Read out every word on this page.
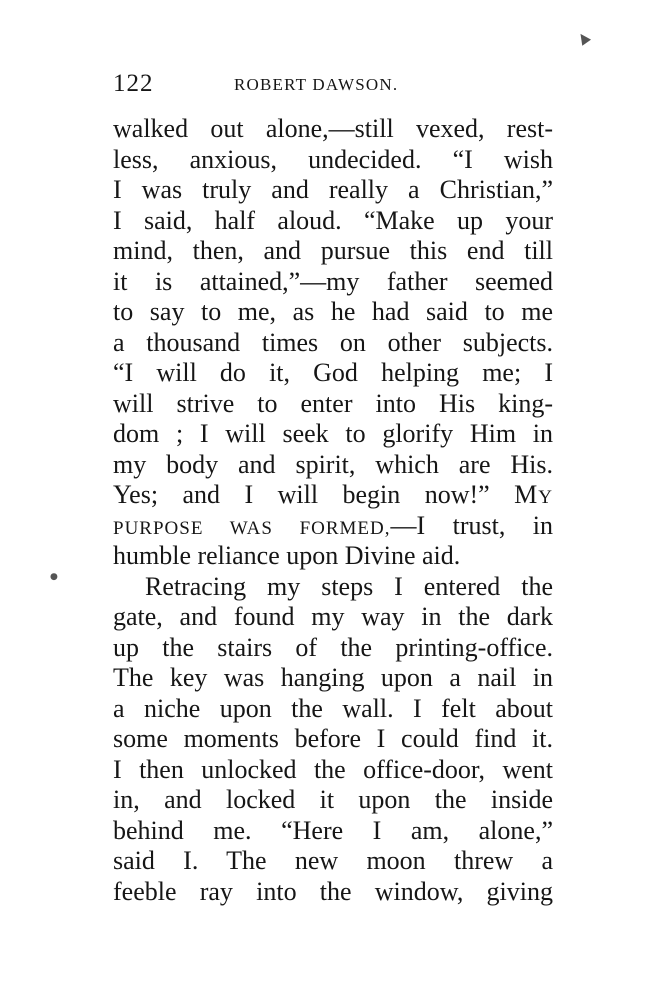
▲
●
122	ROBERT DAWSON.
walked out alone,—still vexed, rest-
less, anxious, undecided. “I wish
I was truly and really a Christian,”
I said, half aloud. “Make up your
mind, then, and pursue this end till
it is attained,”—my father seemed
to say to me, as he had said to me
a thousand times on other subjects.
“I will do it, God helping me; I
will strive to enter into His king-
dom ; I will seek to glorify Him in
my body and spirit, which are His.
Yes; and I will begin now!” MY
PURPOSE WAS FORMED,—I trust, in
humble reliance upon Divine aid.
Retracing my steps I entered the
gate, and found my way in the dark
up the stairs of the printing-office.
The key was hanging upon a nail in
a niche upon the wall. I felt about
some moments before I could find it.
I then unlocked the office-door, went
in, and locked it upon the inside
behind me. “Here I am, alone,”
said I. The new moon threw a
feeble ray into the window, giving
